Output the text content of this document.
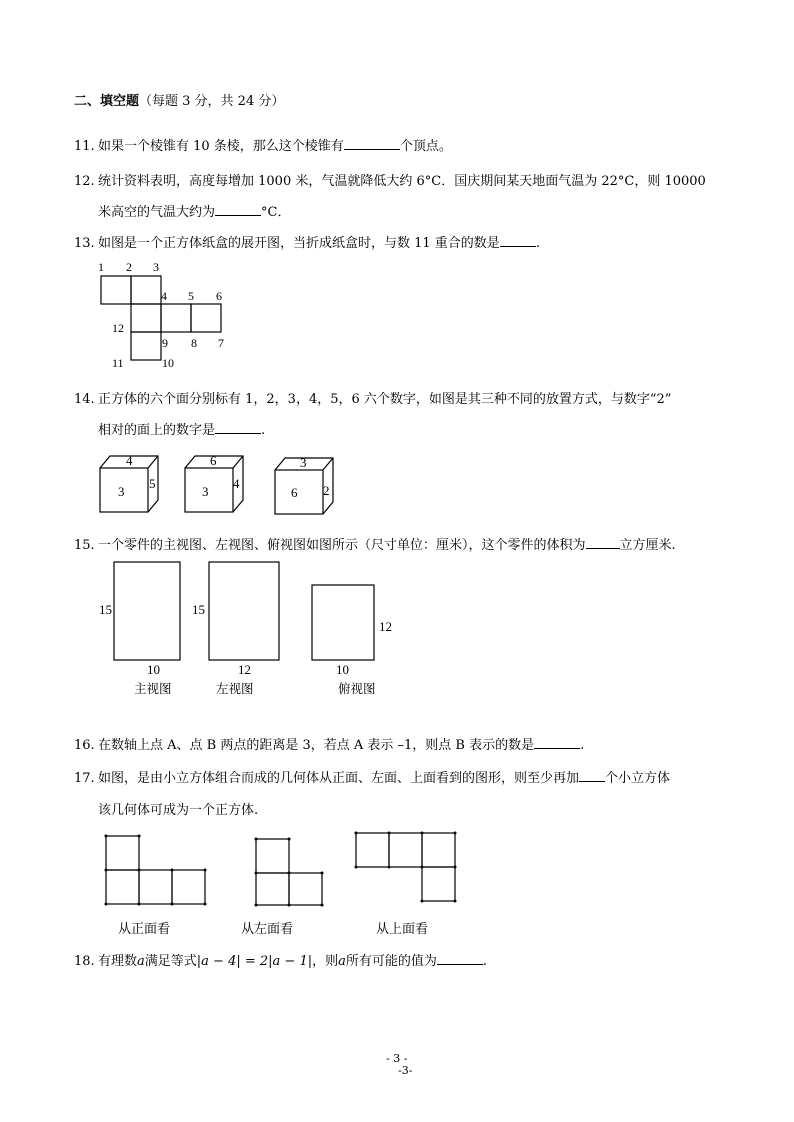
二、填空题（每题 3 分，共 24 分）
11. 如果一个棱锥有 10 条棱，那么这个棱锥有	个顶点。
12. 统计资料表明，高度每增加 1000 米，气温就降低大约 6°C．国庆期间某天地面气温为 22°C，则 10000
米高空的气温大约为	°C．
13. 如图是一个正方体纸盒的展开图，当折成纸盒时，与数 11 重合的数是	.
1 2 3
4 5 6
12
9 8 7
11	10
14. 正方体的六个面分别标有 1，2，3，4，5，6 六个数字，如图是其三种不同的放置方式，与数字“2”
相对的面上的数字是	.
4
3
5
6
3
4
3
6 2
15. 一个零件的主视图、左视图、俯视图如图所示（尺寸单位：厘米），这个零件的体积为	立方厘米.
15
10
15
12
12
10
主视图	左视图	俯视图
16. 在数轴上点 A、点 B 两点的距离是 3，若点 A 表示 –1，则点 B 表示的数是	.
17. 如图，是由小立方体组合而成的几何体从正面、左面、上面看到的图形，则至少再加 个小立方体
该几何体可成为一个正方体.
从正面看	从左面看	从上面看
18. 有理数a满足等式|a − 4| = 2|a − 1|，则a所有可能的值为	.
- 3 -
-3-
